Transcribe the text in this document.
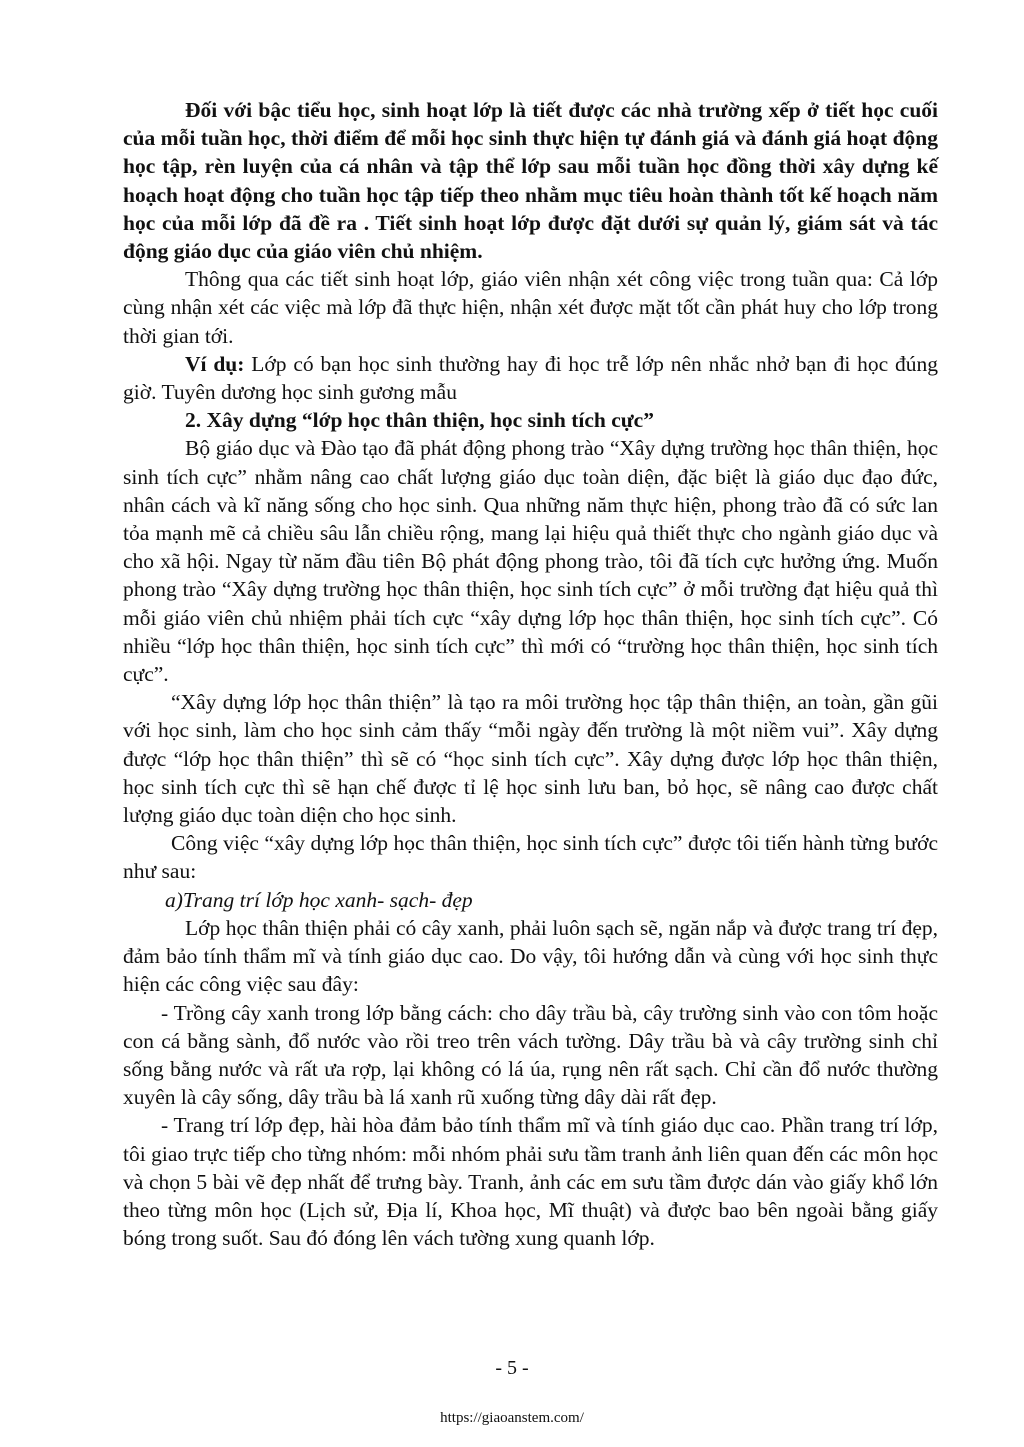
Đối với bậc tiểu học, sinh hoạt lớp là tiết được các nhà trường xếp ở tiết học cuối của mỗi tuần học, thời điểm để mỗi học sinh thực hiện tự đánh giá và đánh giá hoạt động học tập, rèn luyện của cá nhân và tập thể lớp sau mỗi tuần học đồng thời xây dựng kế hoạch hoạt động cho tuần học tập tiếp theo nhằm mục tiêu hoàn thành tốt kế hoạch năm học của mỗi lớp đã đề ra . Tiết sinh hoạt lớp được đặt dưới sự quản lý, giám sát và tác động giáo dục của giáo viên chủ nhiệm.

Thông qua các tiết sinh hoạt lớp, giáo viên nhận xét công việc trong tuần qua: Cả lớp cùng nhận xét các việc mà lớp đã thực hiện, nhận xét được mặt tốt cần phát huy cho lớp trong thời gian tới.

Ví dụ: Lớp có bạn học sinh thường hay đi học trễ lớp nên nhắc nhở bạn đi học đúng giờ. Tuyên dương học sinh gương mẫu

2. Xây dựng “lớp học thân thiện, học sinh tích cực”

Bộ giáo dục và Đào tạo đã phát động phong trào “Xây dựng trường học thân thiện, học sinh tích cực” nhằm nâng cao chất lượng giáo dục toàn diện, đặc biệt là giáo dục đạo đức, nhân cách và kĩ năng sống cho học sinh. Qua những năm thực hiện, phong trào đã có sức lan tỏa mạnh mẽ cả chiều sâu lẫn chiều rộng, mang lại hiệu quả thiết thực cho ngành giáo dục và cho xã hội. Ngay từ năm đầu tiên Bộ phát động phong trào, tôi đã tích cực hưởng ứng. Muốn phong trào “Xây dựng trường học thân thiện, học sinh tích cực” ở mỗi trường đạt hiệu quả thì mỗi giáo viên chủ nhiệm phải tích cực “xây dựng lớp học thân thiện, học sinh tích cực”. Có nhiều “lớp học thân thiện, học sinh tích cực” thì mới có “trường học thân thiện, học sinh tích cực”.

“Xây dựng lớp học thân thiện” là tạo ra môi trường học tập thân thiện, an toàn, gần gũi với học sinh, làm cho học sinh cảm thấy “mỗi ngày đến trường là một niềm vui”. Xây dựng được “lớp học thân thiện” thì sẽ có “học sinh tích cực”. Xây dựng được lớp học thân thiện, học sinh tích cực thì sẽ hạn chế được tỉ lệ học sinh lưu ban, bỏ học, sẽ nâng cao được chất lượng giáo dục toàn diện cho học sinh.

Công việc “xây dựng lớp học thân thiện, học sinh tích cực” được tôi tiến hành từng bước như sau:

a)Trang trí lớp học xanh- sạch- đẹp

Lớp học thân thiện phải có cây xanh, phải luôn sạch sẽ, ngăn nắp và được trang trí đẹp, đảm bảo tính thẩm mĩ và tính giáo dục cao. Do vậy, tôi hướng dẫn và cùng với học sinh thực hiện các công việc sau đây:

- Trồng cây xanh trong lớp bằng cách: cho dây trầu bà, cây trường sinh vào con tôm hoặc con cá bằng sành, đổ nước vào rồi treo trên vách tường. Dây trầu bà và cây trường sinh chỉ sống bằng nước và rất ưa rợp, lại không có lá úa, rụng nên rất sạch. Chỉ cần đổ nước thường xuyên là cây sống, dây trầu bà lá xanh rũ xuống từng dây dài rất đẹp.

- Trang trí lớp đẹp, hài hòa đảm bảo tính thẩm mĩ và tính giáo dục cao. Phần trang trí lớp, tôi giao trực tiếp cho từng nhóm: mỗi nhóm phải sưu tầm tranh ảnh liên quan đến các môn học và chọn 5 bài vẽ đẹp nhất để trưng bày. Tranh, ảnh các em sưu tầm được dán vào giấy khổ lớn theo từng môn học (Lịch sử, Địa lí, Khoa học, Mĩ thuật) và được bao bên ngoài bằng giấy bóng trong suốt. Sau đó đóng lên vách tường xung quanh lớp.

- 5 -
https://giaoanstem.com/
